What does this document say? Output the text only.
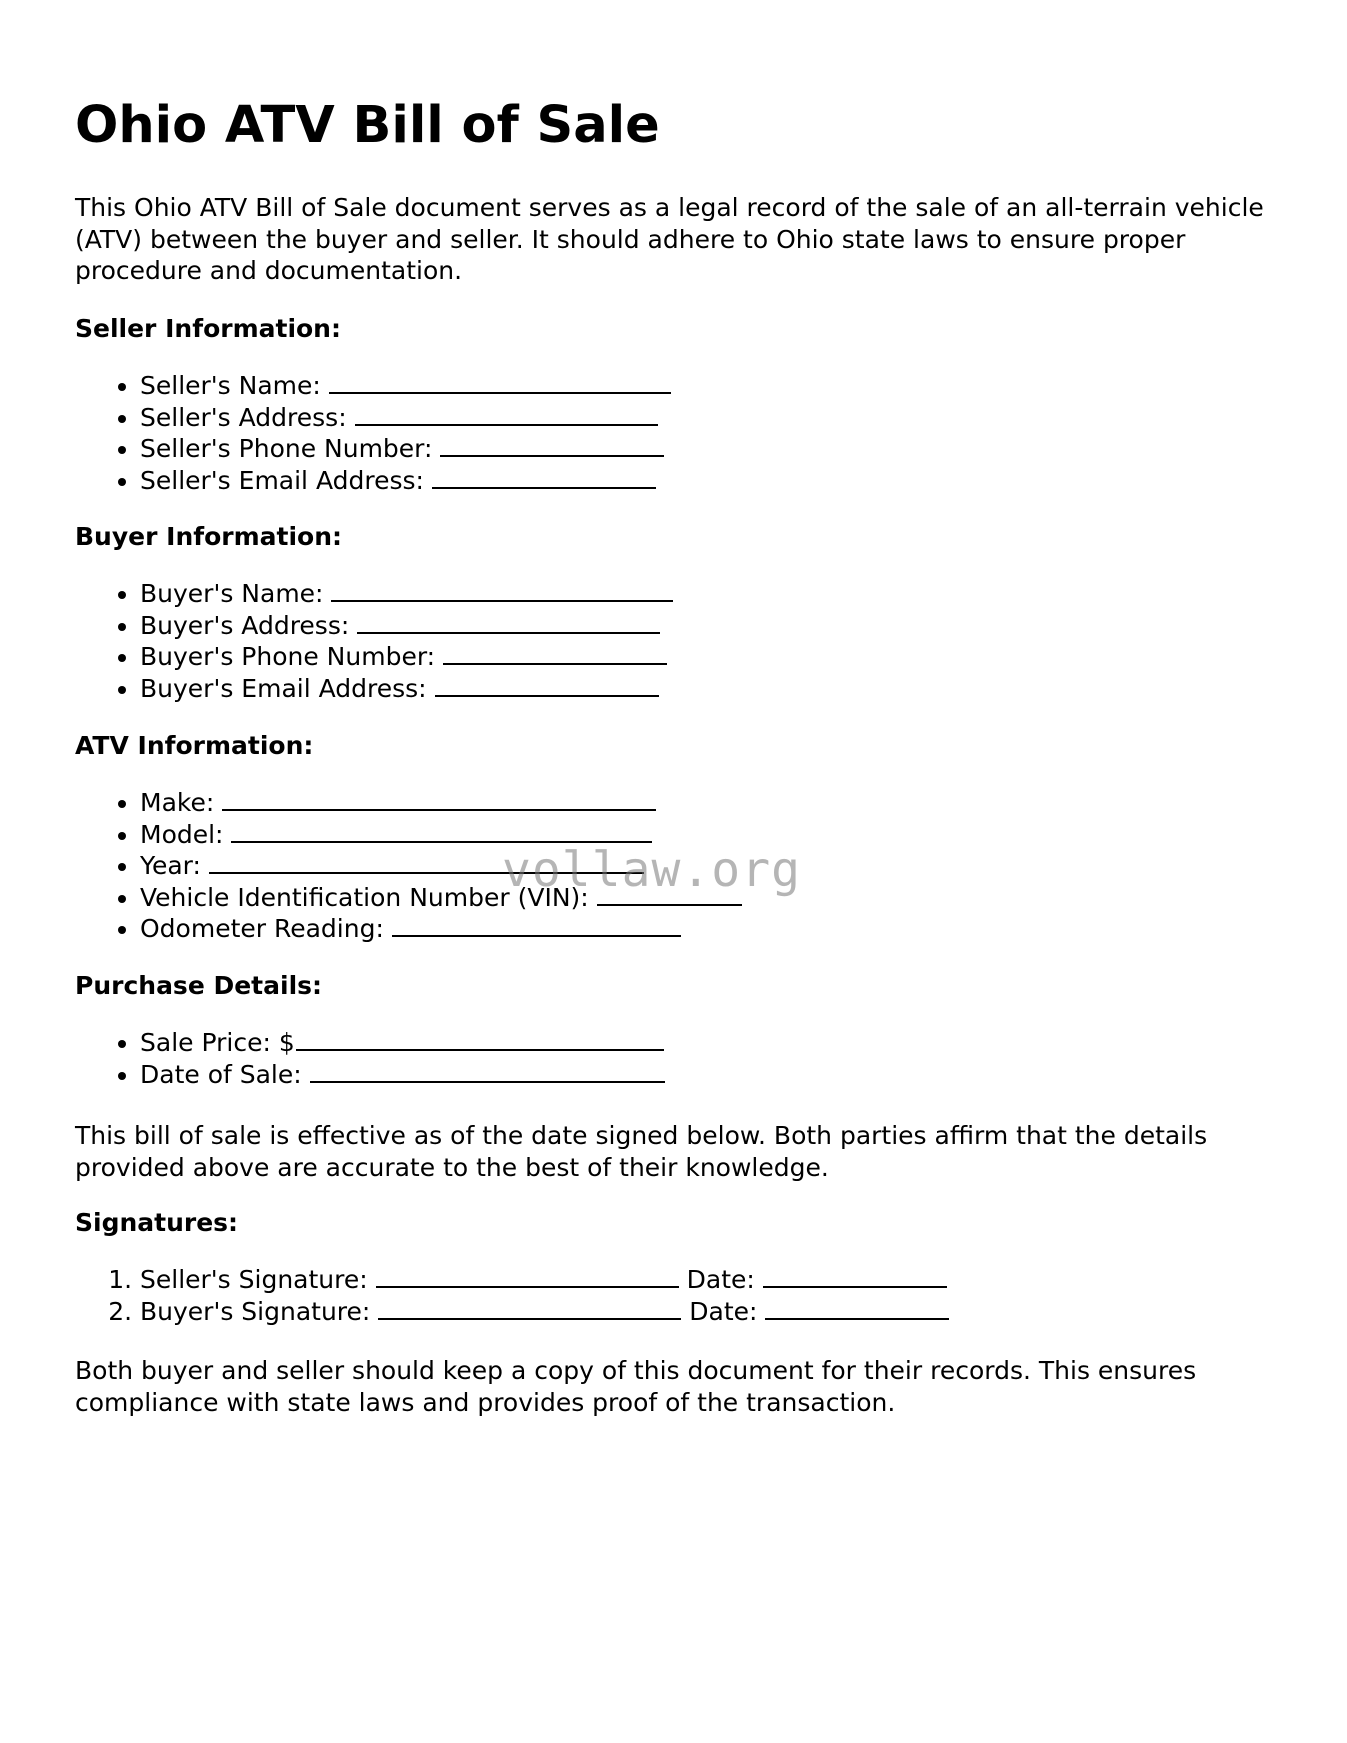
Ohio ATV Bill of Sale

This Ohio ATV Bill of Sale document serves as a legal record of the sale of an all-terrain vehicle (ATV) between the buyer and seller. It should adhere to Ohio state laws to ensure proper procedure and documentation.

Seller Information:
• Seller's Name:
• Seller's Address:
• Seller's Phone Number:
• Seller's Email Address:
Buyer Information:
• Buyer's Name:
• Buyer's Address:
• Buyer's Phone Number:
• Buyer's Email Address:
ATV Information:
• Make:
• Model:
• Year:
• Vehicle Identification Number (VIN):
• Odometer Reading:
Purchase Details:
• Sale Price: $
• Date of Sale:

This bill of sale is effective as of the date signed below. Both parties affirm that the details provided above are accurate to the best of their knowledge.

Signatures:
1. Seller's Signature:	Date:
2. Buyer's Signature:	Date:

Both buyer and seller should keep a copy of this document for their records. This ensures compliance with state laws and provides proof of the transaction.

vollaw.org
